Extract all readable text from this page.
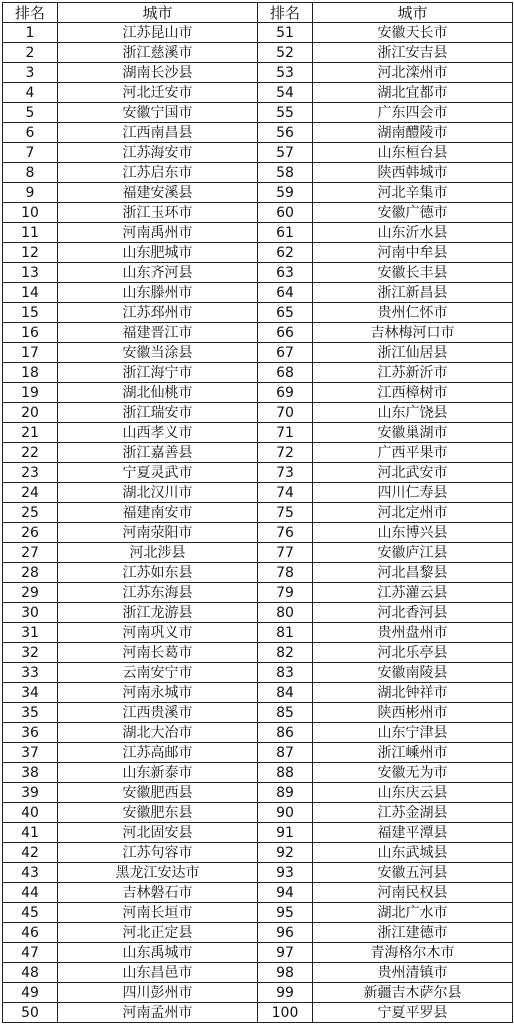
排名	城市	排名	城市
1	江苏昆山市	51	安徽天长市
2	浙江慈溪市	52	浙江安吉县
3	湖南长沙县	53	河北滦州市
4	河北迁安市	54	湖北宜都市
5	安徽宁国市	55	广东四会市
6	江西南昌县	56	湖南醴陵市
7	江苏海安市	57	山东桓台县
8	江苏启东市	58	陕西韩城市
9	福建安溪县	59	河北辛集市
10	浙江玉环市	60	安徽广德市
11	河南禹州市	61	山东沂水县
12	山东肥城市	62	河南中牟县
13	山东齐河县	63	安徽长丰县
14	山东滕州市	64	浙江新昌县
15	江苏邳州市	65	贵州仁怀市
16	福建晋江市	66	吉林梅河口市
17	安徽当涂县	67	浙江仙居县
18	浙江海宁市	68	江苏新沂市
19	湖北仙桃市	69	江西樟树市
20	浙江瑞安市	70	山东广饶县
21	山西孝义市	71	安徽巢湖市
22	浙江嘉善县	72	广西平果市
23	宁夏灵武市	73	河北武安市
24	湖北汉川市	74	四川仁寿县
25	福建南安市	75	河北定州市
26	河南荥阳市	76	山东博兴县
27	河北涉县	77	安徽庐江县
28	江苏如东县	78	河北昌黎县
29	江苏东海县	79	江苏灌云县
30	浙江龙游县	80	河北香河县
31	河南巩义市	81	贵州盘州市
32	河南长葛市	82	河北乐亭县
33	云南安宁市	83	安徽南陵县
34	河南永城市	84	湖北钟祥市
35	江西贵溪市	85	陕西彬州市
36	湖北大冶市	86	山东宁津县
37	江苏高邮市	87	浙江嵊州市
38	山东新泰市	88	安徽无为市
39	安徽肥西县	89	山东庆云县
40	安徽肥东县	90	江苏金湖县
41	河北固安县	91	福建平潭县
42	江苏句容市	92	山东武城县
43	黑龙江安达市	93	安徽五河县
44	吉林磐石市	94	河南民权县
45	河南长垣市	95	湖北广水市
46	河北正定县	96	浙江建德市
47	山东禹城市	97	青海格尔木市
48	山东昌邑市	98	贵州清镇市
49	四川彭州市	99	新疆吉木萨尔县
50	河南孟州市	100	宁夏平罗县
